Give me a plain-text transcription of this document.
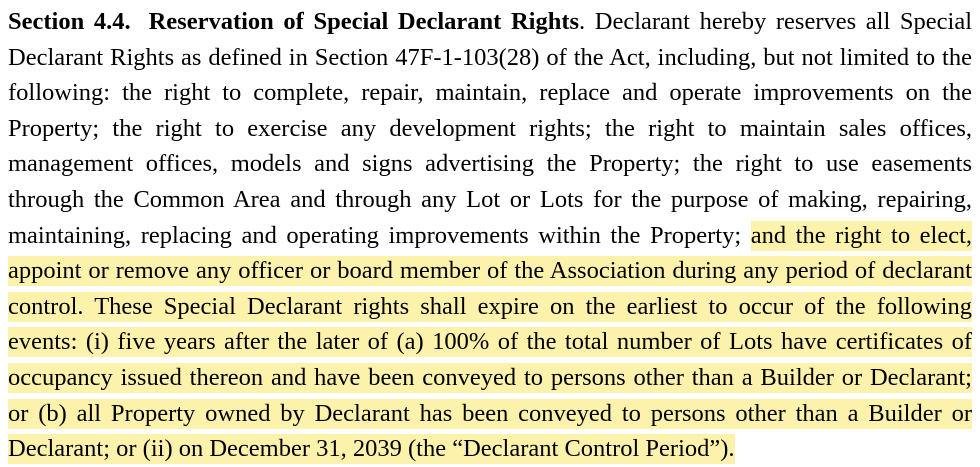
Section 4.4. Reservation of Special Declarant Rights. Declarant hereby reserves all Special Declarant Rights as defined in Section 47F-1-103(28) of the Act, including, but not limited to the following: the right to complete, repair, maintain, replace and operate improvements on the Property; the right to exercise any development rights; the right to maintain sales offices, management offices, models and signs advertising the Property; the right to use easements through the Common Area and through any Lot or Lots for the purpose of making, repairing, maintaining, replacing and operating improvements within the Property; and the right to elect, appoint or remove any officer or board member of the Association during any period of declarant control. These Special Declarant rights shall expire on the earliest to occur of the following events: (i) five years after the later of (a) 100% of the total number of Lots have certificates of occupancy issued thereon and have been conveyed to persons other than a Builder or Declarant; or (b) all Property owned by Declarant has been conveyed to persons other than a Builder or Declarant; or (ii) on December 31, 2039 (the “Declarant Control Period”).
